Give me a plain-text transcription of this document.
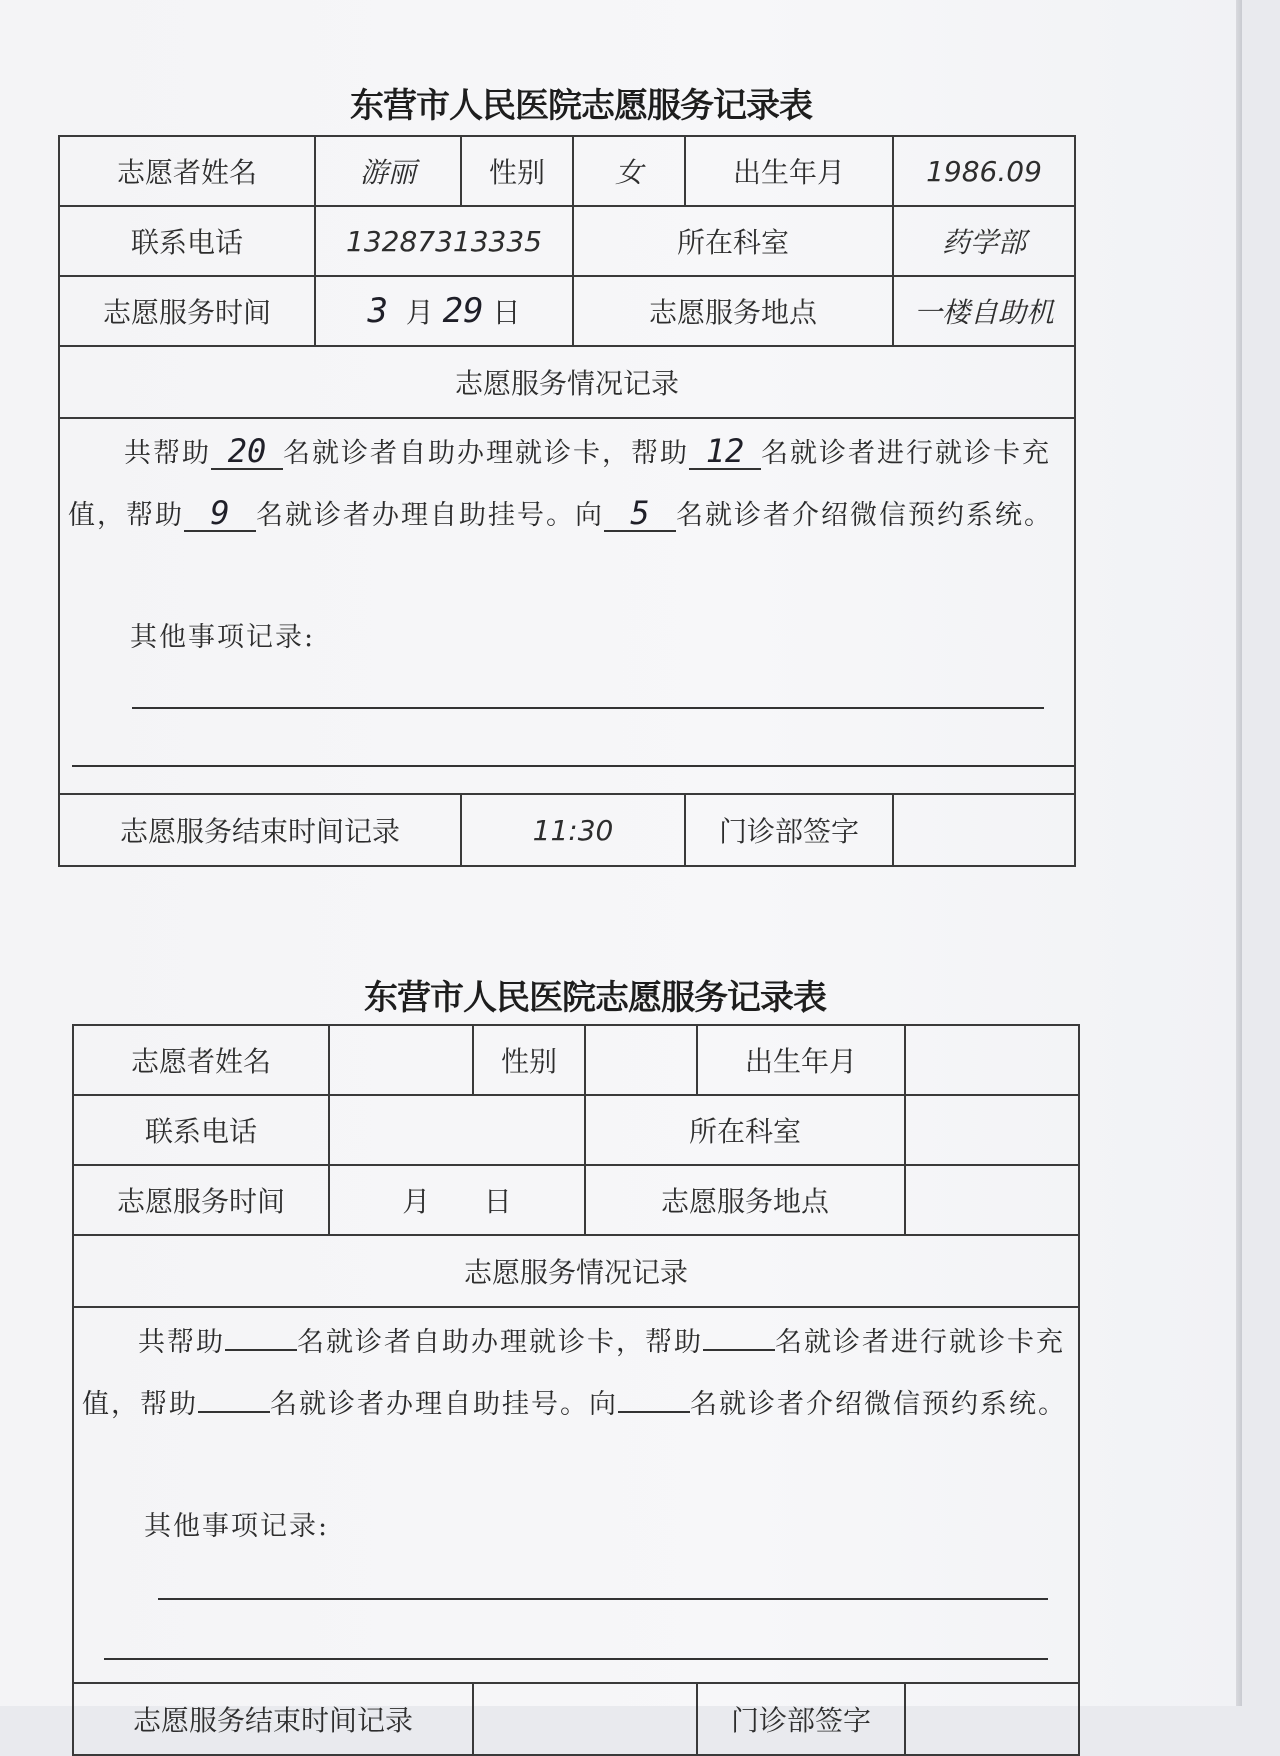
东营市人民医院志愿服务记录表
志愿者姓名	游丽	性别	女	出生年月	1986.09
联系电话	13287313335		所在科室		药学部
志愿服务时间	3 月 29 日		志愿服务地点		一楼自助机
志愿服务情况记录					

共帮助 20 名就诊者自助办理就诊卡，帮助 12 名就诊者进行就诊卡充值，帮助 9 名就诊者办理自助挂号。向 5 名就诊者介绍微信预约系统。
其他事项记录:					

志愿服务结束时间记录		11:30		门诊部签字	
东营市人民医院志愿服务记录表
志愿者姓名		性别		出生年月	
联系电话			所在科室		
志愿服务时间	月 日		志愿服务地点		
志愿服务情况记录					

共帮助 名就诊者自助办理就诊卡，帮助 名就诊者进行就诊卡充值，帮助 名就诊者办理自助挂号。向 名就诊者介绍微信预约系统。
其他事项记录:					

志愿服务结束时间记录				门诊部签字	
